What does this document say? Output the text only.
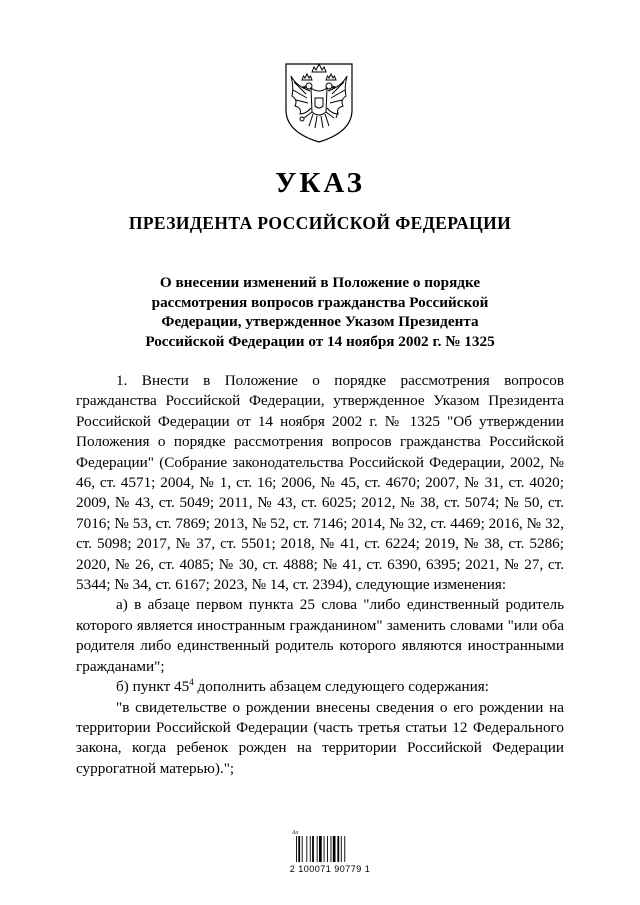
УКАЗ
ПРЕЗИДЕНТА РОССИЙСКОЙ ФЕДЕРАЦИИ
О внесении изменений в Положение о порядке
рассмотрения вопросов гражданства Российской
Федерации, утвержденное Указом Президента
Российской Федерации от 14 ноября 2002 г. № 1325

1. Внести в Положение о порядке рассмотрения вопросов гражданства Российской Федерации, утвержденное Указом Президента Российской Федерации от 14 ноября 2002 г. № 1325 "Об утверждении Положения о порядке рассмотрения вопросов гражданства Российской Федерации" (Собрание законодательства Российской Федерации, 2002, № 46, ст. 4571; 2004, № 1, ст. 16; 2006, № 45, ст. 4670; 2007, № 31, ст. 4020; 2009, № 43, ст. 5049; 2011, № 43, ст. 6025; 2012, № 38, ст. 5074; № 50, ст. 7016; № 53, ст. 7869; 2013, № 52, ст. 7146; 2014, № 32, ст. 4469; 2016, № 32, ст. 5098; 2017, № 37, ст. 5501; 2018, № 41, ст. 6224; 2019, № 38, ст. 5286; 2020, № 26, ст. 4085; № 30, ст. 4888; № 41, ст. 6390, 6395; 2021, № 27, ст. 5344; № 34, ст. 6167; 2023, № 14, ст. 2394), следующие изменения:

а) в абзаце первом пункта 25 слова "либо единственный родитель которого является иностранным гражданином" заменить словами "или оба родителя либо единственный родитель которого являются иностранными гражданами";

б) пункт $45^4$ дополнить абзацем следующего содержания:

"в свидетельстве о рождении внесены сведения о его рождении на территории Российской Федерации (часть третья статьи 12 Федерального закона, когда ребенок рожден на территории Российской Федерации суррогатной матерью).";

Ал
2 100071 90779 1
